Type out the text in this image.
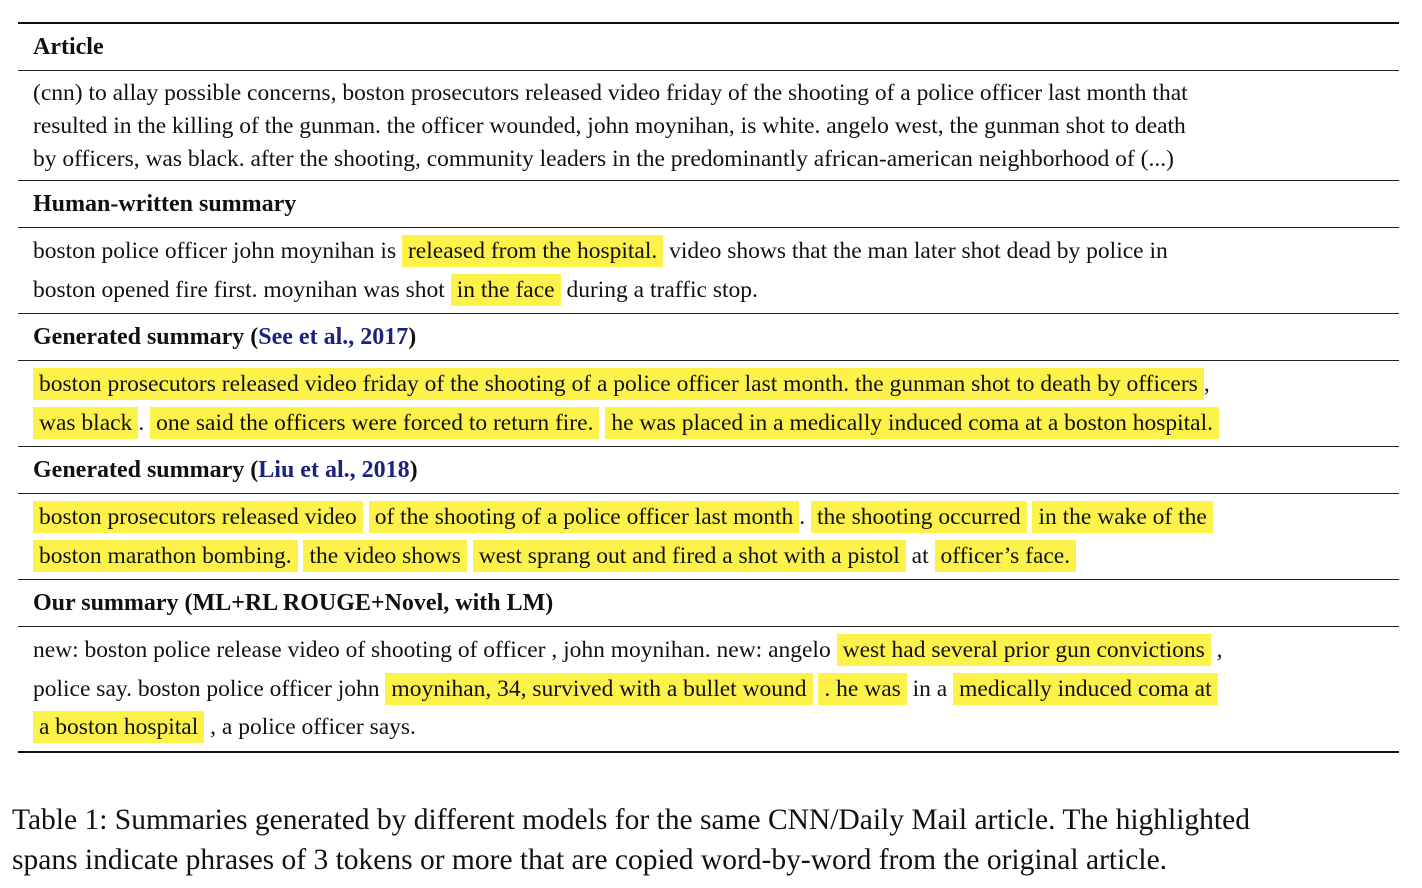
Article
(cnn) to allay possible concerns, boston prosecutors released video friday of the shooting of a police officer last month that
resulted in the killing of the gunman. the officer wounded, john moynihan, is white. angelo west, the gunman shot to death
by officers, was black. after the shooting, community leaders in the predominantly african-american neighborhood of (...)
Human-written summary
boston police officer john moynihan is released from the hospital. video shows that the man later shot dead by police in
boston opened fire first. moynihan was shot in the face during a traffic stop.
Generated summary (See et al., 2017)
boston prosecutors released video friday of the shooting of a police officer last month. the gunman shot to death by officers ,
was black . one said the officers were forced to return fire. he was placed in a medically induced coma at a boston hospital.
Generated summary (Liu et al., 2018)
boston prosecutors released video of the shooting of a police officer last month . the shooting occurred in the wake of the
boston marathon bombing. the video shows west sprang out and fired a shot with a pistol at officer’s face.
Our summary (ML+RL ROUGE+Novel, with LM)
new: boston police release video of shooting of officer , john moynihan. new: angelo west had several prior gun convictions ,
police say. boston police officer john moynihan, 34, survived with a bullet wound . he was in a medically induced coma at
a boston hospital , a police officer says.
Table 1: Summaries generated by different models for the same CNN/Daily Mail article. The highlighted
spans indicate phrases of 3 tokens or more that are copied word-by-word from the original article.
